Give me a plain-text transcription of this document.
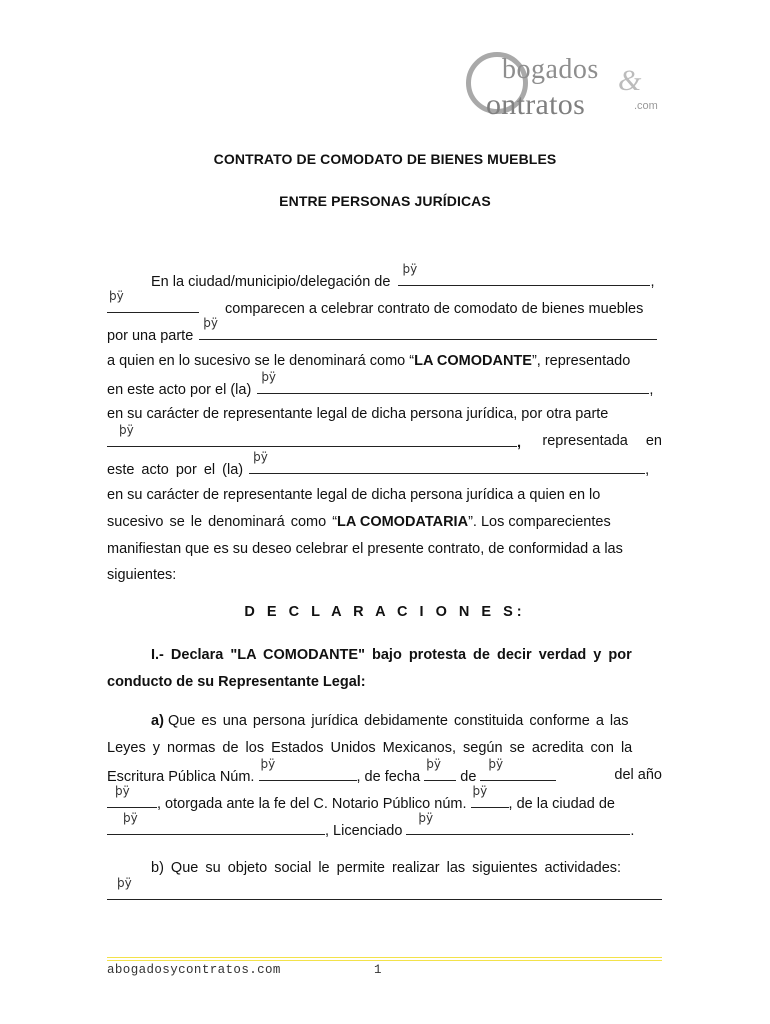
bogados &
ontratos	.com
CONTRATO DE COMODATO DE BIENES MUEBLES
ENTRE PERSONAS JURÍDICAS
En la ciudad/municipio/delegación de
þÿ
,
þÿ
comparecen a celebrar contrato de comodato de bienes muebles
por una parte
þÿ
a quien en lo sucesivo se le denominará como “LA COMODANTE”, representado
en este acto por el (la)
þÿ
,
en su carácter de representante legal de dicha persona jurídica, por otra parte
þÿ
, representada en
este acto por el (la)
þÿ
,
en su carácter de representante legal de dicha persona jurídica a quien en lo
sucesivo se le denominará como “LA COMODATARIA”. Los comparecientes
manifiestan que es su deseo celebrar el presente contrato, de conformidad a las
siguientes:
D E C L A R A C I O N E S:
I.- Declara "LA COMODANTE" bajo protesta de decir verdad y por
conducto de su Representante Legal:
a) Que es una persona jurídica debidamente constituida conforme a las
Leyes y normas de los Estados Unidos Mexicanos, según se acredita con la
Escritura Pública Núm.
þÿ
, de fecha
þÿ
de
þÿ
del año
þÿ
, otorgada ante la fe del C. Notario Público núm.
þÿ
, de la ciudad de
þÿ
, Licenciado
þÿ
.
b) Que su objeto social le permite realizar las siguientes actividades:
þÿ
abogadosycontratos.com	1
